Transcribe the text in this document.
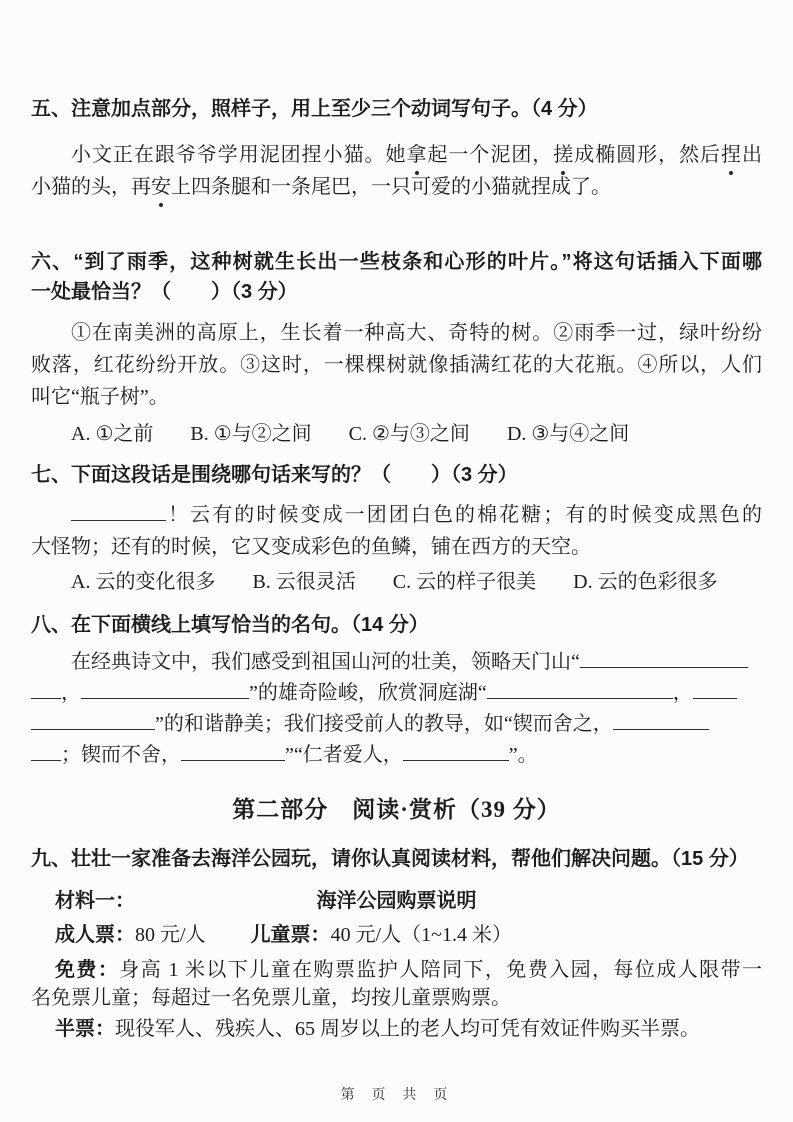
五、注意加点部分，照样子，用上至少三个动词写句子。（4 分）
小文正在跟爷爷学用泥团捏小猫。她拿起一个泥团，搓成椭圆形，然后捏出
小猫的头，再安上四条腿和一条尾巴，一只可爱的小猫就捏成了。
六、“到了雨季，这种树就生长出一些枝条和心形的叶片。”将这句话插入下面哪
一处最恰当？（　　）（3 分）
①在南美洲的高原上，生长着一种高大、奇特的树。②雨季一过，绿叶纷纷
败落，红花纷纷开放。③这时，一棵棵树就像插满红花的大花瓶。④所以，人们
叫它“瓶子树”。
A. ①之前 B. ①与②之间 C. ②与③之间 D. ③与④之间
七、下面这段话是围绕哪句话来写的？（　　）（3 分）
！云有的时候变成一团团白色的棉花糖；有的时候变成黑色的
大怪物；还有的时候，它又变成彩色的鱼鳞，铺在西方的天空。
A. 云的变化很多 B. 云很灵活 C. 云的样子很美 D. 云的色彩很多
八、在下面横线上填写恰当的名句。（14 分）
在经典诗文中，我们感受到祖国山河的壮美，领略天门山“
，	”的雄奇险峻，欣赏洞庭湖“	，
”的和谐静美；我们接受前人的教导，如“锲而舍之，
；锲而不舍，	”“仁者爱人，	”。
第二部分　阅读·赏析（39 分）
九、壮壮一家准备去海洋公园玩，请你认真阅读材料，帮他们解决问题。（15 分）
材料一：	海洋公园购票说明
成人票：80 元/人 儿童票：40 元/人（1~1.4 米）

免费：身高 1 米以下儿童在购票监护人陪同下，免费入园，每位成人限带一

名免票儿童；每超过一名免票儿童，均按儿童票购票。

半票：现役军人、残疾人、65 周岁以上的老人均可凭有效证件购买半票。
第 页 共 页
